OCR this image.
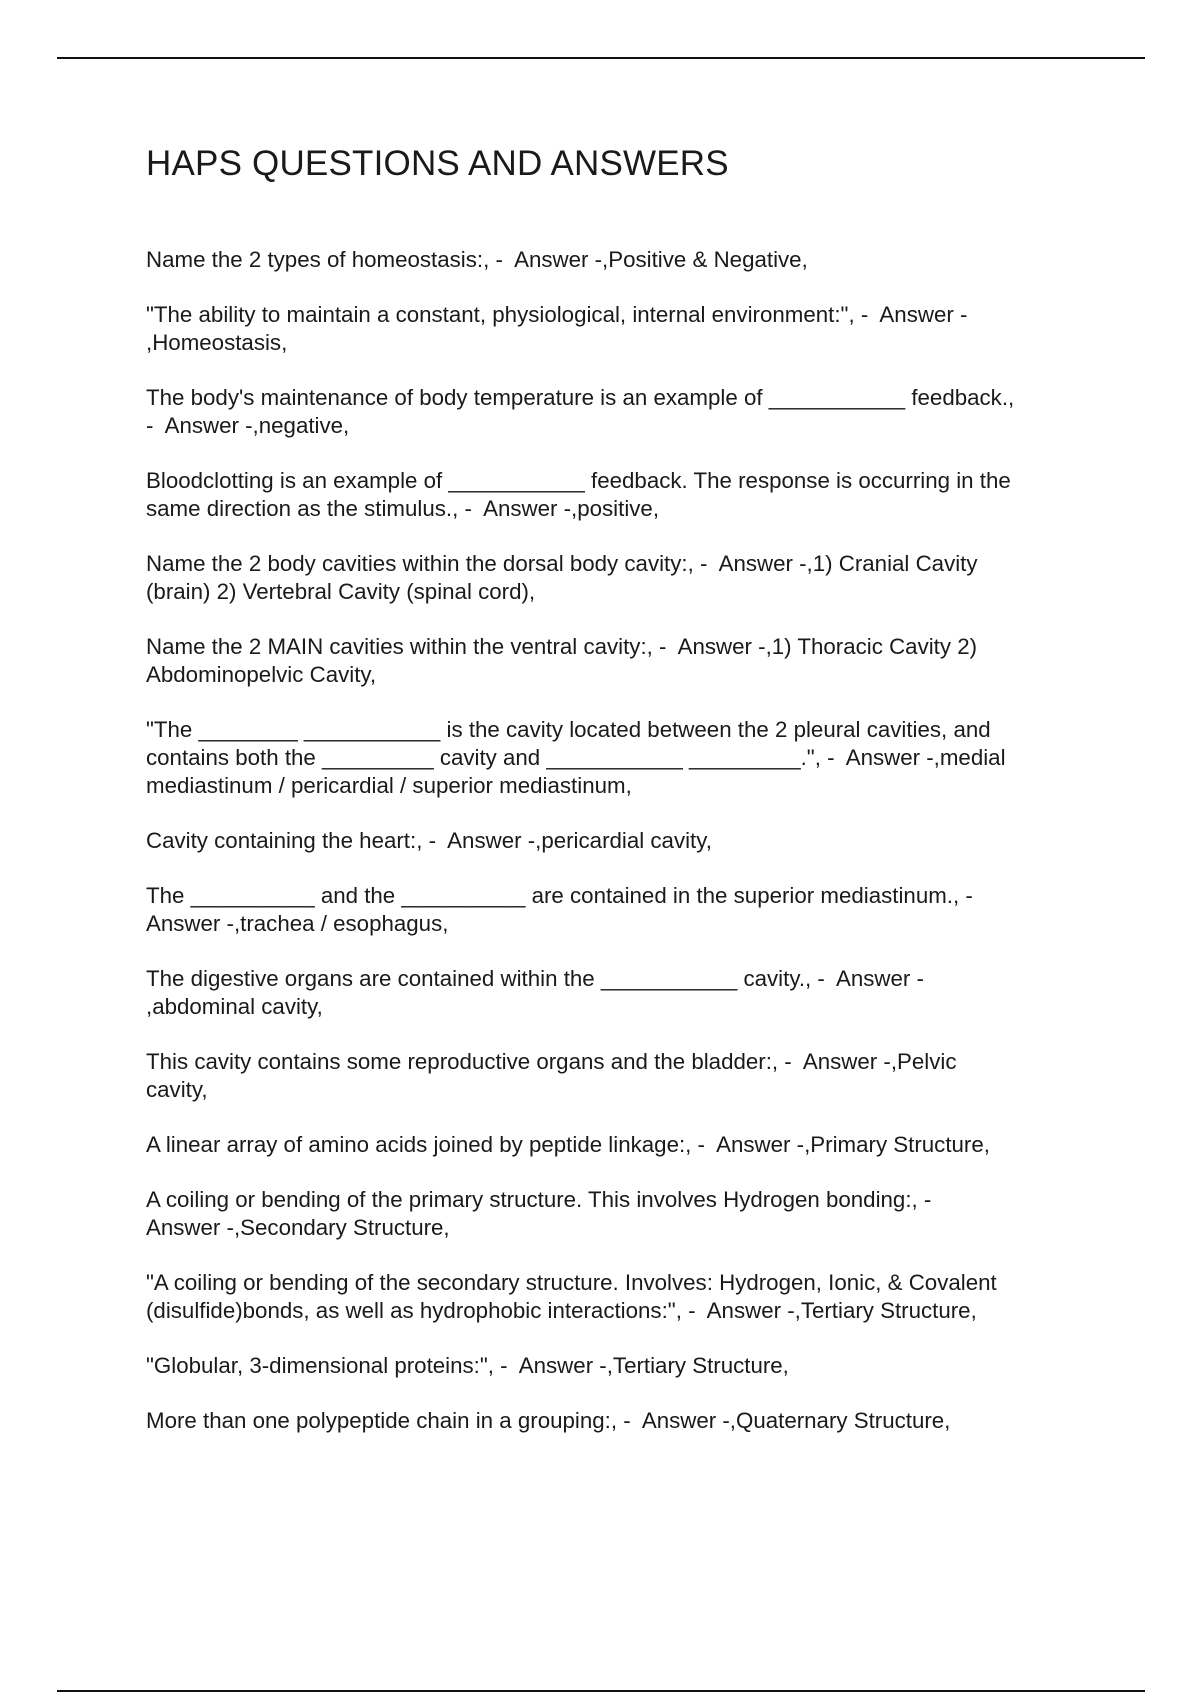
HAPS QUESTIONS AND ANSWERS
Name the 2 types of homeostasis:, -  Answer -,Positive & Negative,
"The ability to maintain a constant, physiological, internal environment:", -  Answer -
,Homeostasis,
The body's maintenance of body temperature is an example of ___________ feedback.,
-  Answer -,negative,
Bloodclotting is an example of ___________ feedback. The response is occurring in the
same direction as the stimulus., -  Answer -,positive,
Name the 2 body cavities within the dorsal body cavity:, -  Answer -,1) Cranial Cavity
(brain) 2) Vertebral Cavity (spinal cord),
Name the 2 MAIN cavities within the ventral cavity:, -  Answer -,1) Thoracic Cavity 2)
Abdominopelvic Cavity,
"The ________ ___________ is the cavity located between the 2 pleural cavities, and
contains both the _________ cavity and ___________ _________.", -  Answer -,medial
mediastinum / pericardial / superior mediastinum,
Cavity containing the heart:, -  Answer -,pericardial cavity,
The __________ and the __________ are contained in the superior mediastinum., -
Answer -,trachea / esophagus,
The digestive organs are contained within the ___________ cavity., -  Answer -
,abdominal cavity,
This cavity contains some reproductive organs and the bladder:, -  Answer -,Pelvic
cavity,
A linear array of amino acids joined by peptide linkage:, -  Answer -,Primary Structure,
A coiling or bending of the primary structure. This involves Hydrogen bonding:, -
Answer -,Secondary Structure,
"A coiling or bending of the secondary structure. Involves: Hydrogen, Ionic, & Covalent
(disulfide)bonds, as well as hydrophobic interactions:", -  Answer -,Tertiary Structure,
"Globular, 3-dimensional proteins:", -  Answer -,Tertiary Structure,
More than one polypeptide chain in a grouping:, -  Answer -,Quaternary Structure,
